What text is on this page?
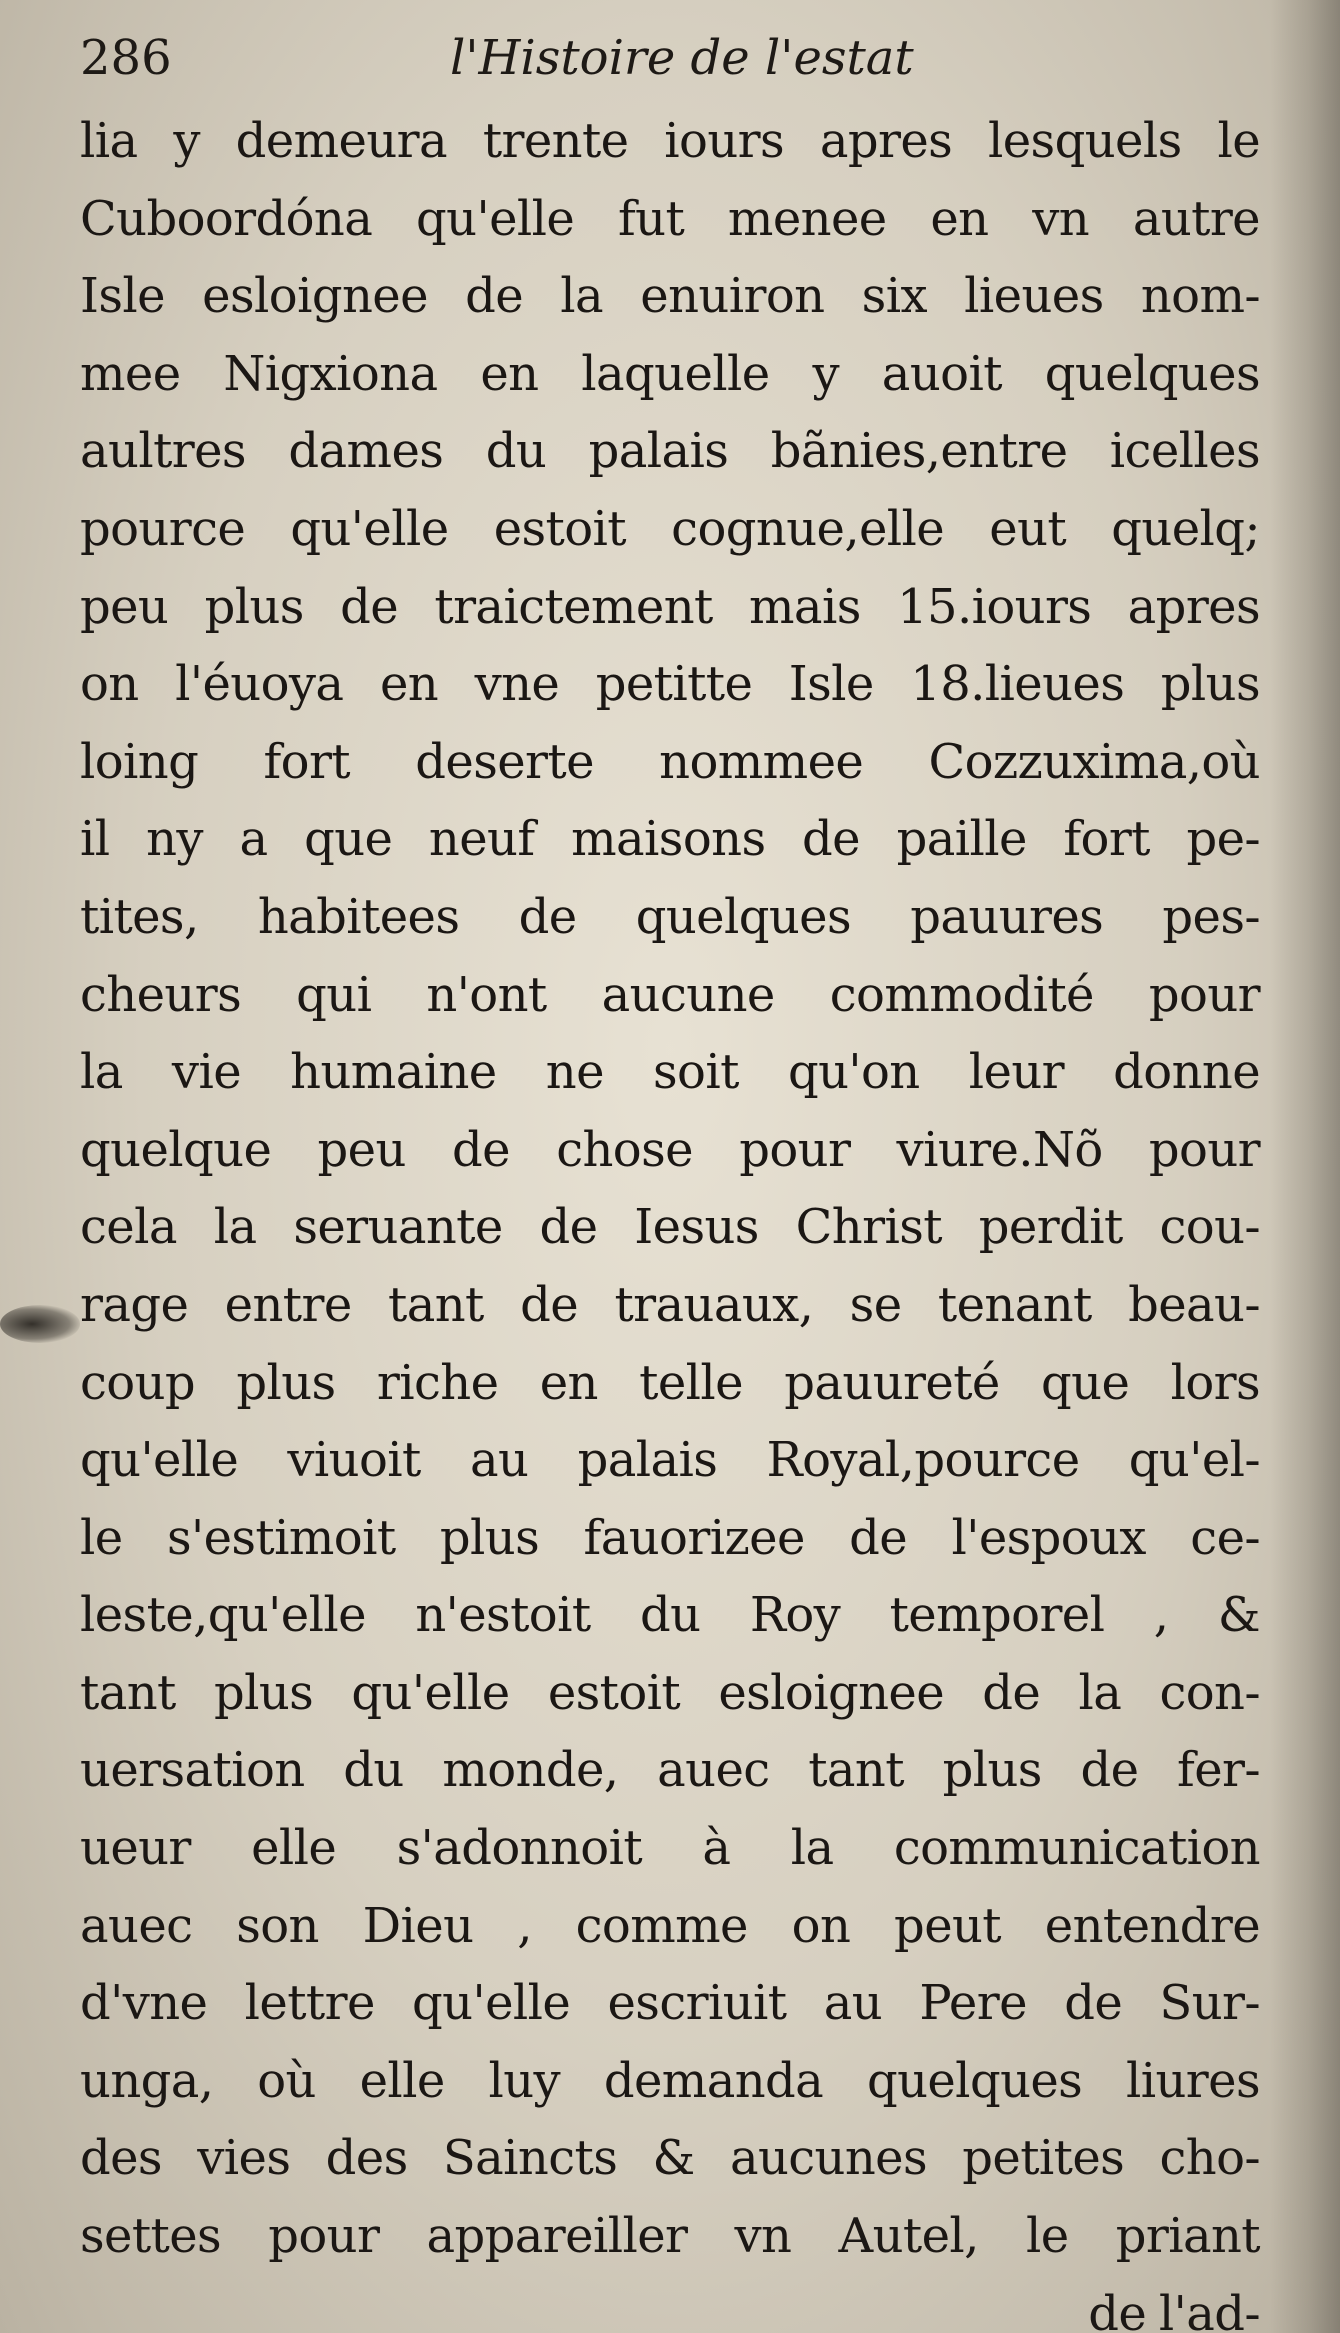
286	l'Histoire de l'estat
lia y demeura trente iours apres lesquels le
Cuboordóna qu'elle fut menee en vn autre
Isle esloignee de la enuiron six lieues nom-
mee Nigxiona en laquelle y auoit quelques
aultres dames du palais bãnies,entre icelles
pource qu'elle estoit cognue,elle eut quelq;
peu plus de traictement mais 15.iours apres
on l'éuoya en vne petitte Isle 18.lieues plus
loing fort deserte nommee Cozzuxima,où
il ny a que neuf maisons de paille fort pe-
tites, habitees de quelques pauures pes-
cheurs qui n'ont aucune commodité pour
la vie humaine ne soit qu'on leur donne
quelque peu de chose pour viure.Nõ pour
cela la seruante de Iesus Christ perdit cou-
rage entre tant de trauaux, se tenant beau-
coup plus riche en telle pauureté que lors
qu'elle viuoit au palais Royal,pource qu'el-
le s'estimoit plus fauorizee de l'espoux ce-
leste,qu'elle n'estoit du Roy temporel , &
tant plus qu'elle estoit esloignee de la con-
uersation du monde, auec tant plus de fer-
ueur elle s'adonnoit à la communication
auec son Dieu , comme on peut entendre
d'vne lettre qu'elle escriuit au Pere de Sur-
unga, où elle luy demanda quelques liures
des vies des Saincts & aucunes petites cho-
settes pour appareiller vn Autel, le priant
de l'ad-
